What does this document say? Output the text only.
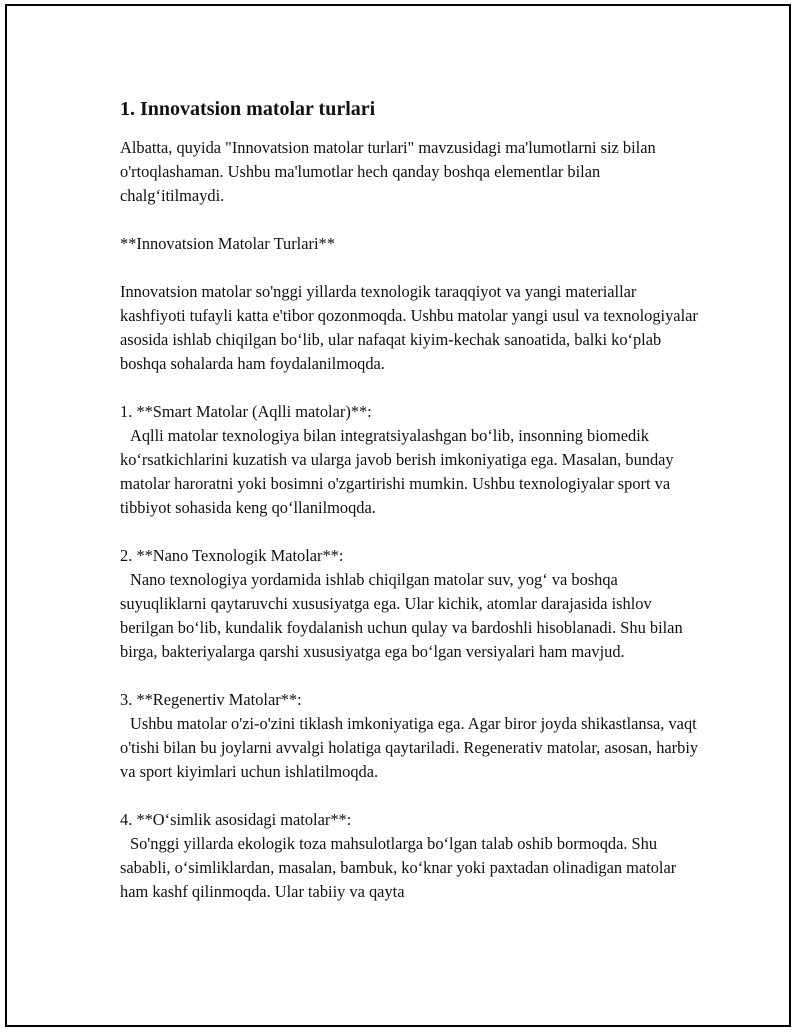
1. Innovatsion matolar turlari

Albatta, quyida "Innovatsion matolar turlari" mavzusidagi ma'lumotlarni siz bilan o'rtoqlashaman. Ushbu ma'lumotlar hech qanday boshqa elementlar bilan chalg‘itilmaydi.

**Innovatsion Matolar Turlari**

Innovatsion matolar so'nggi yillarda texnologik taraqqiyot va yangi materiallar kashfiyoti tufayli katta e'tibor qozonmoqda. Ushbu matolar yangi usul va texnologiyalar asosida ishlab chiqilgan bo‘lib, ular nafaqat kiyim-kechak sanoatida, balki ko‘plab boshqa sohalarda ham foydalanilmoqda.

1. **Smart Matolar (Aqlli matolar)**:

Aqlli matolar texnologiya bilan integratsiyalashgan bo‘lib, insonning biomedik ko‘rsatkichlarini kuzatish va ularga javob berish imkoniyatiga ega. Masalan, bunday matolar haroratni yoki bosimni o'zgartirishi mumkin. Ushbu texnologiyalar sport va tibbiyot sohasida keng qo‘llanilmoqda.

2. **Nano Texnologik Matolar**:

Nano texnologiya yordamida ishlab chiqilgan matolar suv, yog‘ va boshqa suyuqliklarni qaytaruvchi xususiyatga ega. Ular kichik, atomlar darajasida ishlov berilgan bo‘lib, kundalik foydalanish uchun qulay va bardoshli hisoblanadi. Shu bilan birga, bakteriyalarga qarshi xususiyatga ega bo‘lgan versiyalari ham mavjud.

3. **Regenertiv Matolar**:

Ushbu matolar o'zi-o'zini tiklash imkoniyatiga ega. Agar biror joyda shikastlansa, vaqt o'tishi bilan bu joylarni avvalgi holatiga qaytariladi. Regenerativ matolar, asosan, harbiy va sport kiyimlari uchun ishlatilmoqda.

4. **O‘simlik asosidagi matolar**:

So'nggi yillarda ekologik toza mahsulotlarga bo‘lgan talab oshib bormoqda. Shu sababli, o‘simliklardan, masalan, bambuk, ko‘knar yoki paxtadan olinadigan matolar ham kashf qilinmoqda. Ular tabiiy va qayta
